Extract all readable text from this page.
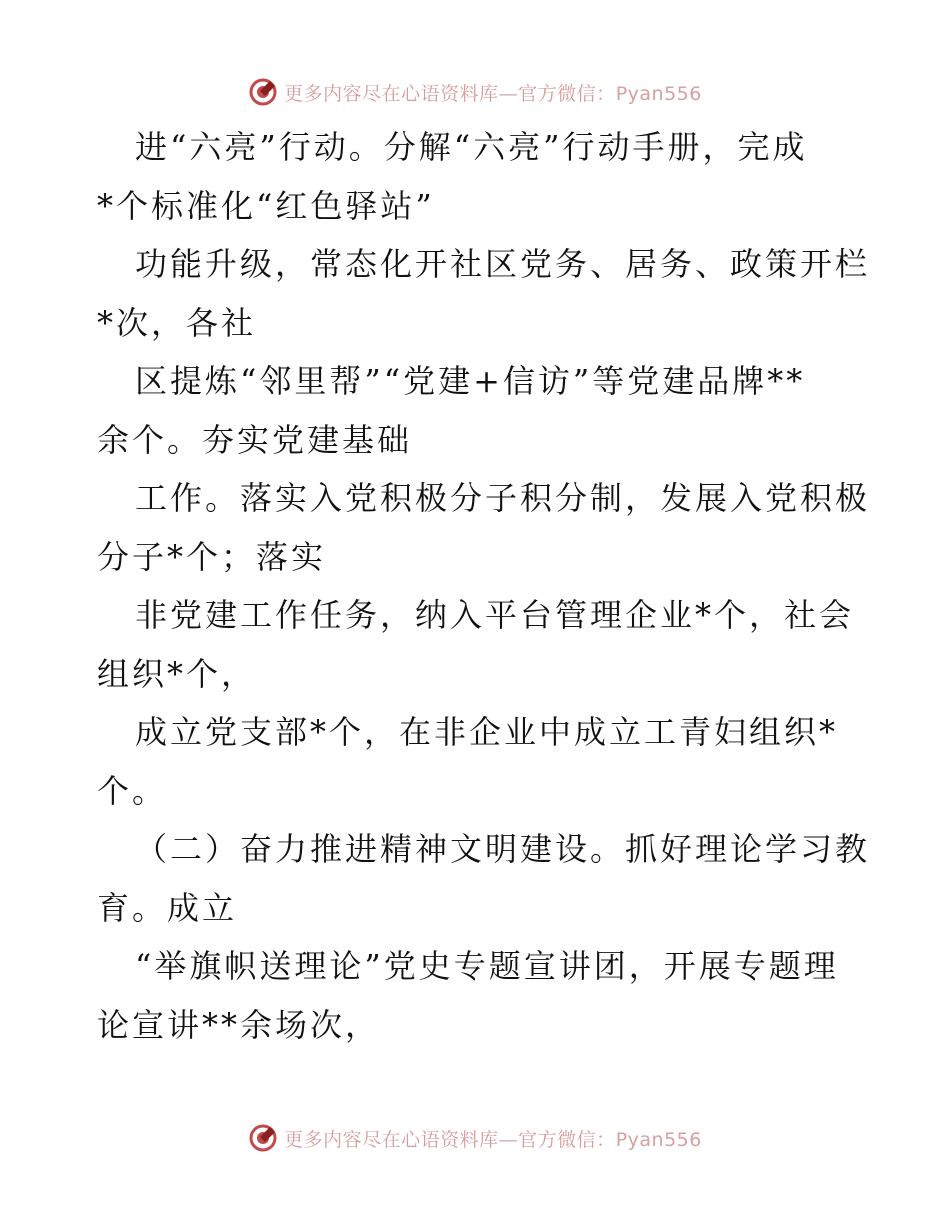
更多内容尽在心语资料库—官方微信：Pyan556
进“六亮”行动。分解“六亮”行动手册，完成
*个标准化“红色驿站”
功能升级，常态化开社区党务、居务、政策开栏
*次，各社
区提炼“邻里帮”“党建+信访”等党建品牌**
余个。夯实党建基础
工作。落实入党积极分子积分制，发展入党积极
分子*个；落实
非党建工作任务，纳入平台管理企业*个，社会
组织*个，
成立党支部*个，在非企业中成立工青妇组织*
个。
（二）奋力推进精神文明建设。抓好理论学习教
育。成立
“举旗帜送理论”党史专题宣讲团，开展专题理
论宣讲**余场次，
更多内容尽在心语资料库—官方微信：Pyan556
